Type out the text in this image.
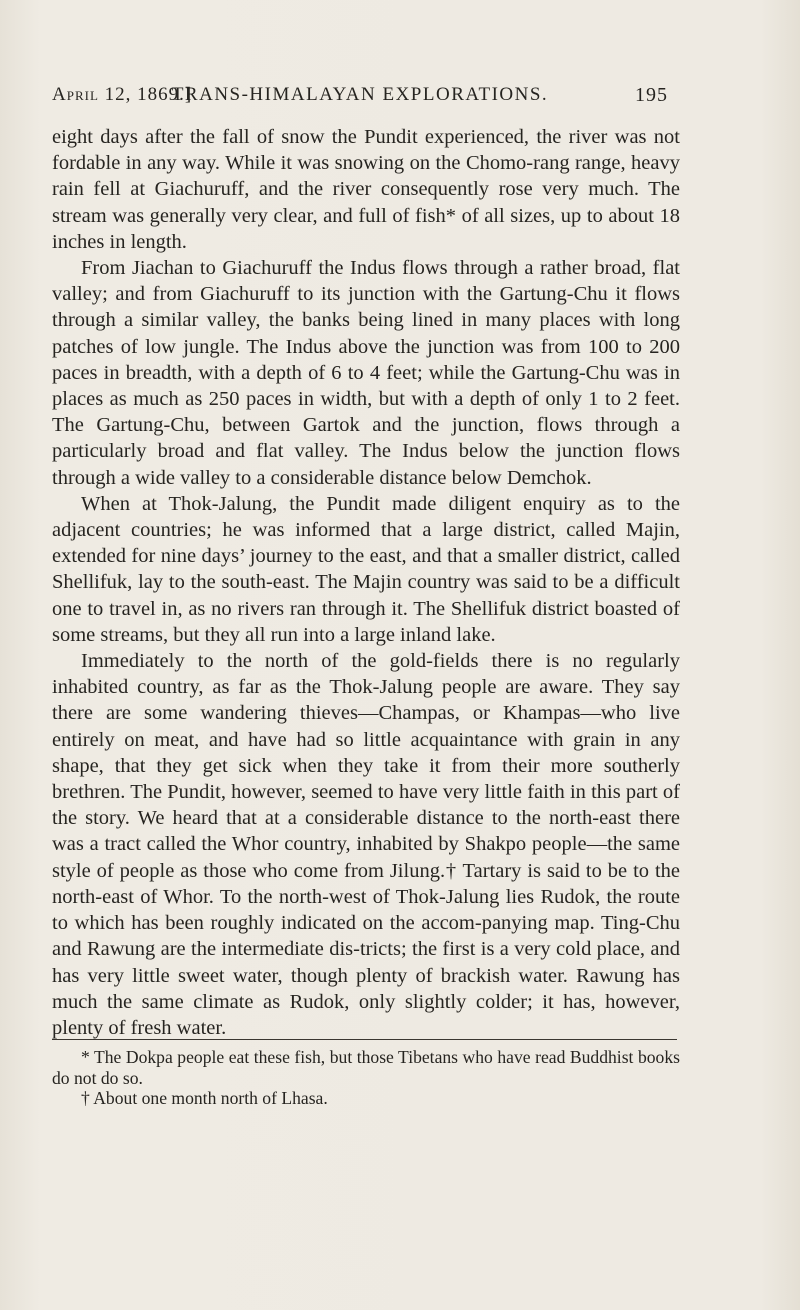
April 12, 1869.]
TRANS-HIMALAYAN EXPLORATIONS.	195

eight days after the fall of snow the Pundit experienced, the river was not fordable in any way. While it was snowing on the Chomo-rang range, heavy rain fell at Giachuruff, and the river consequently rose very much. The stream was generally very clear, and full of fish* of all sizes, up to about 18 inches in length.

From Jiachan to Giachuruff the Indus flows through a rather broad, flat valley; and from Giachuruff to its junction with the Gartung-Chu it flows through a similar valley, the banks being lined in many places with long patches of low jungle. The Indus above the junction was from 100 to 200 paces in breadth, with a depth of 6 to 4 feet; while the Gartung-Chu was in places as much as 250 paces in width, but with a depth of only 1 to 2 feet. The Gartung-Chu, between Gartok and the junction, flows through a particularly broad and flat valley. The Indus below the junction flows through a wide valley to a considerable distance below Demchok.

When at Thok-Jalung, the Pundit made diligent enquiry as to the adjacent countries; he was informed that a large district, called Majin, extended for nine days’ journey to the east, and that a smaller district, called Shellifuk, lay to the south-east. The Majin country was said to be a difficult one to travel in, as no rivers ran through it. The Shellifuk district boasted of some streams, but they all run into a large inland lake.

Immediately to the north of the gold-fields there is no regularly inhabited country, as far as the Thok-Jalung people are aware. They say there are some wandering thieves—Champas, or Khampas—who live entirely on meat, and have had so little acquaintance with grain in any shape, that they get sick when they take it from their more southerly brethren. The Pundit, however, seemed to have very little faith in this part of the story. We heard that at a considerable distance to the north-east there was a tract called the Whor country, inhabited by Shakpo people—the same style of people as those who come from Jilung.† Tartary is said to be to the north-east of Whor. To the north-west of Thok-Jalung lies Rudok, the route to which has been roughly indicated on the accom-panying map. Ting-Chu and Rawung are the intermediate dis-tricts; the first is a very cold place, and has very little sweet water, though plenty of brackish water. Rawung has much the same climate as Rudok, only slightly colder; it has, however, plenty of fresh water.

* The Dokpa people eat these fish, but those Tibetans who have read Buddhist books do not do so.

† About one month north of Lhasa.
